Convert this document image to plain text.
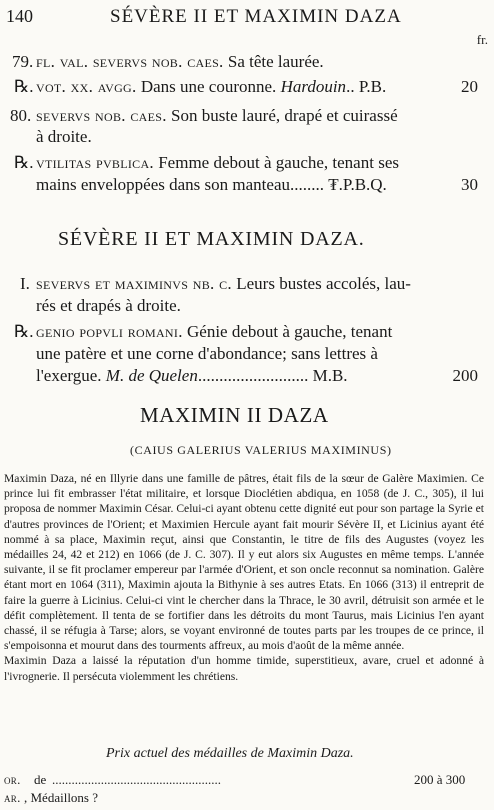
140	SÉVÈRE II ET MAXIMIN DAZA
fr.
79. fl. val. severvs nob. caes. Sa tête laurée.
℞. vot. xx. avgg. Dans une couronne. Hardouin.. P.B.	20
80. severvs nob. caes. Son buste lauré, drapé et cuirassé
à droite.
℞. vtilitas pvblica. Femme debout à gauche, tenant ses
mains enveloppées dans son manteau........ ₮.P.B.Q.	30
SÉVÈRE II ET MAXIMIN DAZA.
I. severvs et maximinvs nb. c. Leurs bustes accolés, lau-
rés et drapés à droite.
℞. genio popvli romani. Génie debout à gauche, tenant
une patère et une corne d'abondance; sans lettres à
l'exergue. M. de Quelen.......................... M.B.	200
MAXIMIN II DAZA
(CAIUS GALERIUS VALERIUS MAXIMINUS)

Maximin Daza, né en Illyrie dans une famille de pâtres, était fils de la sœur de Galère Maximien. Ce prince lui fit embrasser l'état militaire, et lorsque Dioclétien abdiqua, en 1058 (de J. C., 305), il lui proposa de nommer Maximin César. Celui-ci ayant obtenu cette dignité eut pour son partage la Syrie et d'autres provinces de l'Orient; et Maximien Hercule ayant fait mourir Sévère II, et Licinius ayant été nommé à sa place, Maximin reçut, ainsi que Constantin, le titre de fils des Augustes (voyez les médailles 24, 42 et 212) en 1066 (de J. C. 307). Il y eut alors six Augustes en même temps. L'année suivante, il se fit proclamer empereur par l'armée d'Orient, et son oncle reconnut sa nomination. Galère étant mort en 1064 (311), Maximin ajouta la Bithynie à ses autres Etats. En 1066 (313) il entreprit de faire la guerre à Licinius. Celui-ci vint le chercher dans la Thrace, le 30 avril, détruisit son armée et le défit complètement. Il tenta de se fortifier dans les détroits du mont Taurus, mais Licinius l'en ayant chassé, il se réfugia à Tarse; alors, se voyant environné de toutes parts par les troupes de ce prince, il s'empoisonna et mourut dans des tourments affreux, au mois d'août de la même année.

Maximin Daza a laissé la réputation d'un homme timide, superstitieux, avare, cruel et adonné à l'ivrognerie. Il persécuta violemment les chrétiens.

Prix actuel des médailles de Maximin Daza.
or. de ....................................................	200 à 300
ar. , Médaillons ?
